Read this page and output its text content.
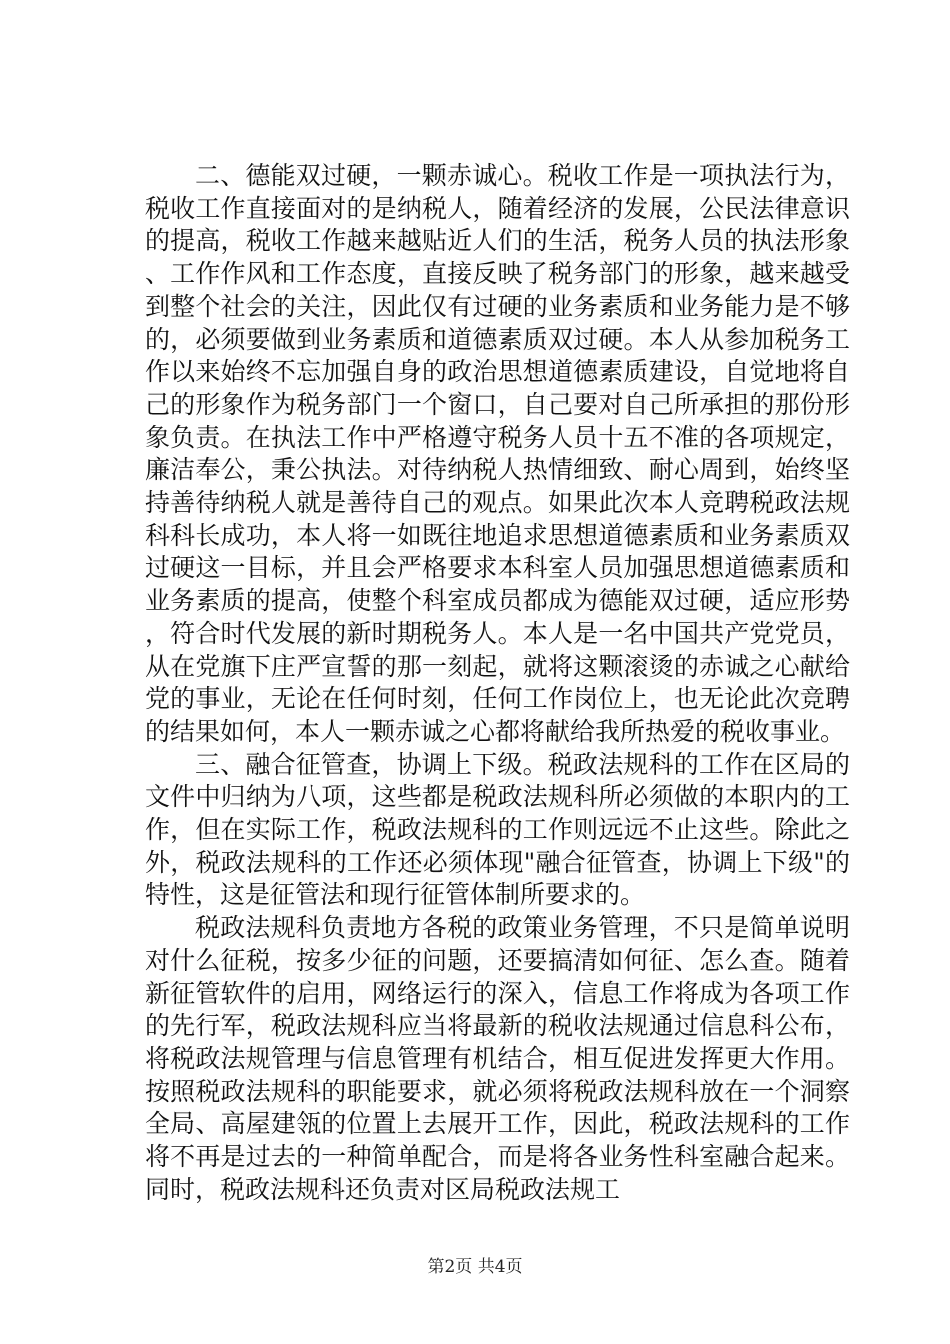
二、德能双过硬，一颗赤诚心。税收工作是一项执法行为，税收工作直接面对的是纳税人，随着经济的发展，公民法律意识的提高，税收工作越来越贴近人们的生活，税务人员的执法形象、工作作风和工作态度，直接反映了税务部门的形象，越来越受到整个社会的关注，因此仅有过硬的业务素质和业务能力是不够的，必须要做到业务素质和道德素质双过硬。本人从参加税务工作以来始终不忘加强自身的政治思想道德素质建设，自觉地将自己的形象作为税务部门一个窗口，自己要对自己所承担的那份形象负责。在执法工作中严格遵守税务人员十五不准的各项规定，廉洁奉公，秉公执法。对待纳税人热情细致、耐心周到，始终坚持善待纳税人就是善待自己的观点。如果此次本人竞聘税政法规科科长成功，本人将一如既往地追求思想道德素质和业务素质双过硬这一目标，并且会严格要求本科室人员加强思想道德素质和业务素质的提高，使整个科室成员都成为德能双过硬，适应形势，符合时代发展的新时期税务人。本人是一名中国共产党党员，从在党旗下庄严宣誓的那一刻起，就将这颗滚烫的赤诚之心献给党的事业，无论在任何时刻，任何工作岗位上，也无论此次竞聘的结果如何，本人一颗赤诚之心都将献给我所热爱的税收事业。

三、融合征管查，协调上下级。税政法规科的工作在区局的文件中归纳为八项，这些都是税政法规科所必须做的本职内的工作，但在实际工作，税政法规科的工作则远远不止这些。除此之外，税政法规科的工作还必须体现"融合征管查，协调上下级"的特性，这是征管法和现行征管体制所要求的。

税政法规科负责地方各税的政策业务管理，不只是简单说明对什么征税，按多少征的问题，还要搞清如何征、怎么查。随着新征管软件的启用，网络运行的深入，信息工作将成为各项工作的先行军，税政法规科应当将最新的税收法规通过信息科公布，将税政法规管理与信息管理有机结合，相互促进发挥更大作用。按照税政法规科的职能要求，就必须将税政法规科放在一个洞察全局、高屋建瓴的位置上去展开工作，因此，税政法规科的工作将不再是过去的一种简单配合，而是将各业务性科室融合起来。同时，税政法规科还负责对区局税政法规工

第2页 共4页
